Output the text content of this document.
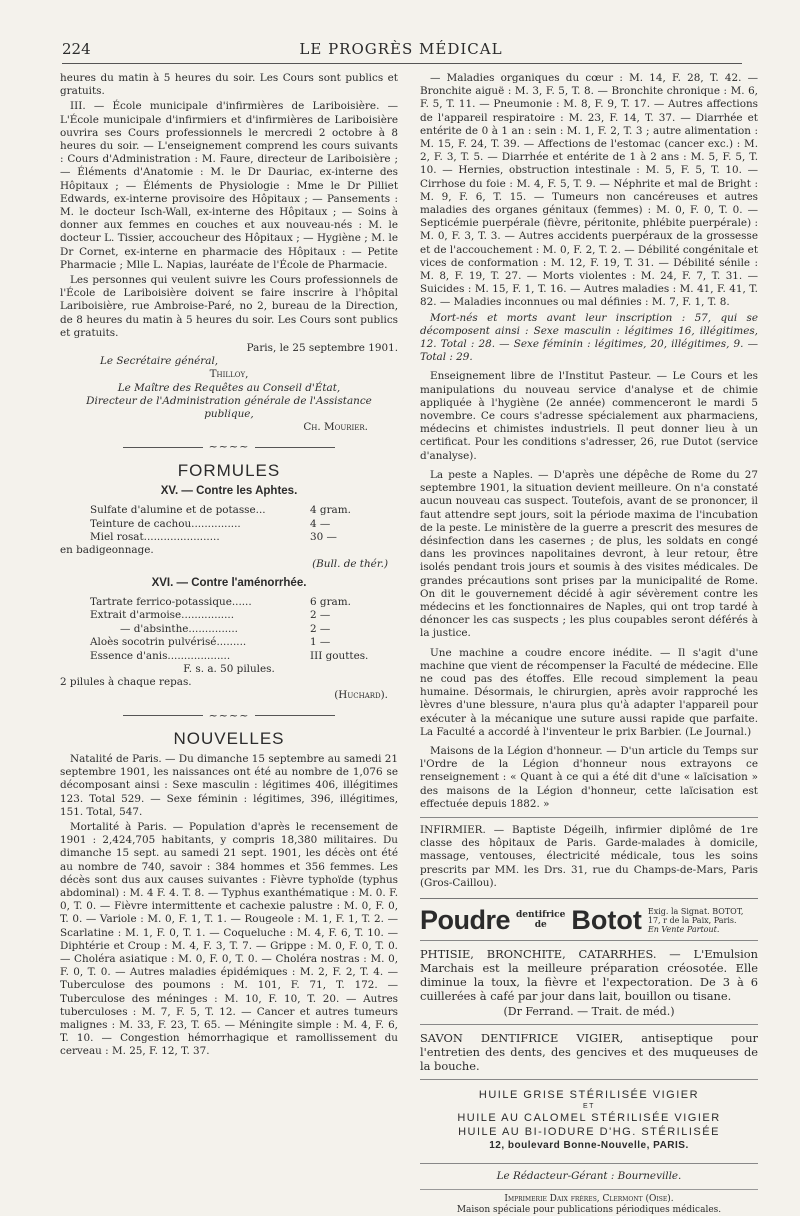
224	LE PROGRÈS MÉDICAL

heures du matin à 5 heures du soir. Les Cours sont publics et gratuits.

III. — École municipale d'infirmières de Lariboisière. — L'École municipale d'infirmiers et d'infirmières de Lariboisière ouvrira ses Cours professionnels le mercredi 2 octobre à 8 heures du soir. — L'enseignement comprend les cours suivants : Cours d'Administration : M. Faure, directeur de Lariboisière ; — Éléments d'Anatomie : M. le Dr Dauriac, ex-interne des Hôpitaux ; — Éléments de Physiologie : Mme le Dr Pilliet Edwards, ex-interne provisoire des Hôpitaux ; — Pansements : M. le docteur Isch-Wall, ex-interne des Hôpitaux ; — Soins à donner aux femmes en couches et aux nouveau-nés : M. le docteur L. Tissier, accoucheur des Hôpitaux ; — Hygiène ; M. le Dr Cornet, ex-interne en pharmacie des Hôpitaux : — Petite Pharmacie ; Mlle L. Napias, lauréate de l'École de Pharmacie.

Les personnes qui veulent suivre les Cours professionnels de l'École de Lariboisière doivent se faire inscrire à l'hôpital Lariboisière, rue Ambroise-Paré, no 2, bureau de la Direction, de 8 heures du matin à 5 heures du soir. Les Cours sont publics et gratuits.

Paris, le 25 septembre 1901.

Le Secrétaire général,

Thilloy,

Le Maître des Requêtes au Conseil d'État,

Directeur de l'Administration générale de l'Assistance publique,

Ch. Mourier.

~~~~
FORMULES
XV. — Contre les Aphtes.
Sulfate d'alumine et de potasse...	4 gram.
Teinture de cachou...............	4 —
Miel rosat.......................	30 —

en badigeonnage.

(Bull. de thér.)

XVI. — Contre l'aménorrhée.
Tartrate ferrico-potassique......	6 gram.
Extrait d'armoise................	2 —
— d'absinthe...............	2 —
Aloès socotrin pulvérisé.........	1 —
Essence d'anis...................	III gouttes.

F. s. a. 50 pilules.

2 pilules à chaque repas.

(Huchard).

~~~~
NOUVELLES

Natalité de Paris. — Du dimanche 15 septembre au samedi 21 septembre 1901, les naissances ont été au nombre de 1,076 se décomposant ainsi : Sexe masculin : légitimes 406, illégitimes 123. Total 529. — Sexe féminin : légitimes, 396, illégitimes, 151. Total, 547.

Mortalité à Paris. — Population d'après le recensement de 1901 : 2,424,705 habitants, y compris 18,380 militaires. Du dimanche 15 sept. au samedi 21 sept. 1901, les décès ont été au nombre de 740, savoir : 384 hommes et 356 femmes. Les décès sont dus aux causes suivantes : Fièvre typhoïde (typhus abdominal) : M. 4 F. 4. T. 8. — Typhus exanthématique : M. 0. F. 0, T. 0. — Fièvre intermittente et cachexie palustre : M. 0, F. 0, T. 0. — Variole : M. 0, F. 1, T. 1. — Rougeole : M. 1, F. 1, T. 2. — Scarlatine : M. 1, F. 0, T. 1. — Coqueluche : M. 4, F. 6, T. 10. — Diphtérie et Croup : M. 4, F. 3, T. 7. — Grippe : M. 0, F. 0, T. 0. — Choléra asiatique : M. 0, F. 0, T. 0. — Choléra nostras : M. 0, F. 0, T. 0. — Autres maladies épidémiques : M. 2, F. 2, T. 4. — Tuberculose des poumons : M. 101, F. 71, T. 172. — Tuberculose des méninges : M. 10, F. 10, T. 20. — Autres tuberculoses : M. 7, F. 5, T. 12. — Cancer et autres tumeurs malignes : M. 33, F. 23, T. 65. — Méningite simple : M. 4, F. 6, T. 10. — Congestion hémorrhagique et ramollissement du cerveau : M. 25, F. 12, T. 37.

— Maladies organiques du cœur : M. 14, F. 28, T. 42. — Bronchite aiguë : M. 3, F. 5, T. 8. — Bronchite chronique : M. 6, F. 5, T. 11. — Pneumonie : M. 8, F. 9, T. 17. — Autres affections de l'appareil respiratoire : M. 23, F. 14, T. 37. — Diarrhée et entérite de 0 à 1 an : sein : M. 1, F. 2, T. 3 ; autre alimentation : M. 15, F. 24, T. 39. — Affections de l'estomac (cancer exc.) : M. 2, F. 3, T. 5. — Diarrhée et entérite de 1 à 2 ans : M. 5, F. 5, T. 10. — Hernies, obstruction intestinale : M. 5, F. 5, T. 10. — Cirrhose du foie : M. 4, F. 5, T. 9. — Néphrite et mal de Bright : M. 9, F. 6, T. 15. — Tumeurs non cancéreuses et autres maladies des organes génitaux (femmes) : M. 0, F. 0, T. 0. — Septicémie puerpérale (fièvre, péritonite, phlébite puerpérale) : M. 0, F. 3, T. 3. — Autres accidents puerpéraux de la grossesse et de l'accouchement : M. 0, F. 2, T. 2. — Débilité congénitale et vices de conformation : M. 12, F. 19, T. 31. — Débilité sénile : M. 8, F. 19, T. 27. — Morts violentes : M. 24, F. 7, T. 31. — Suicides : M. 15, F. 1, T. 16. — Autres maladies : M. 41, F. 41, T. 82. — Maladies inconnues ou mal définies : M. 7, F. 1, T. 8.

Mort-nés et morts avant leur inscription : 57, qui se décomposent ainsi : Sexe masculin : légitimes 16, illégitimes, 12. Total : 28. — Sexe féminin : légitimes, 20, illégitimes, 9. — Total : 29.

Enseignement libre de l'Institut Pasteur. — Le Cours et les manipulations du nouveau service d'analyse et de chimie appliquée à l'hygiène (2e année) commenceront le mardi 5 novembre. Ce cours s'adresse spécialement aux pharmaciens, médecins et chimistes industriels. Il peut donner lieu à un certificat. Pour les conditions s'adresser, 26, rue Dutot (service d'analyse).

La peste a Naples. — D'après une dépêche de Rome du 27 septembre 1901, la situation devient meilleure. On n'a constaté aucun nouveau cas suspect. Toutefois, avant de se prononcer, il faut attendre sept jours, soit la période maxima de l'incubation de la peste. Le ministère de la guerre a prescrit des mesures de désinfection dans les casernes ; de plus, les soldats en congé dans les provinces napolitaines devront, à leur retour, être isolés pendant trois jours et soumis à des visites médicales. De grandes précautions sont prises par la municipalité de Rome. On dit le gouvernement décidé à agir sévèrement contre les médecins et les fonctionnaires de Naples, qui ont trop tardé à dénoncer les cas suspects ; les plus coupables seront déférés à la justice.

Une machine a coudre encore inédite. — Il s'agit d'une machine que vient de récompenser la Faculté de médecine. Elle ne coud pas des étoffes. Elle recoud simplement la peau humaine. Désormais, le chirurgien, après avoir rapproché les lèvres d'une blessure, n'aura plus qu'à adapter l'appareil pour exécuter à la mécanique une suture aussi rapide que parfaite. La Faculté a accordé à l'inventeur le prix Barbier. (Le Journal.)

Maisons de la Légion d'honneur. — D'un article du Temps sur l'Ordre de la Légion d'honneur nous extrayons ce renseignement : « Quant à ce qui a été dit d'une « laïcisation » des maisons de la Légion d'honneur, cette laïcisation est effectuée depuis 1882. »

INFIRMIER. — Baptiste Dégeilh, infirmier diplômé de 1re classe des hôpitaux de Paris. Garde-malades à domicile, massage, ventouses, électricité médicale, tous les soins prescrits par MM. les Drs. 31, rue du Champs-de-Mars, Paris (Gros-Caillou).

Poudre dentifrice
de Botot Exig. la Signat. BOTOT,
17, r de la Paix, Paris.
En Vente Partout.

PHTISIE, BRONCHITE, CATARRHES. — L'Emulsion Marchais est la meilleure préparation créosotée. Elle diminue la toux, la fièvre et l'expectoration. De 3 à 6 cuillerées à café par jour dans lait, bouillon ou tisane.

(Dr Ferrand. — Trait. de méd.)

SAVON DENTIFRICE VIGIER, antiseptique pour l'entretien des dents, des gencives et des muqueuses de la bouche.

HUILE GRISE STÉRILISÉE VIGIER
ET
HUILE AU CALOMEL STÉRILISÉE VIGIER
HUILE AU BI-IODURE D'HG. STÉRILISÉE
12, boulevard Bonne-Nouvelle, PARIS.

Le Rédacteur-Gérant : Bourneville.

Imprimerie Daix frères, Clermont (Oise).

Maison spéciale pour publications périodiques médicales.
